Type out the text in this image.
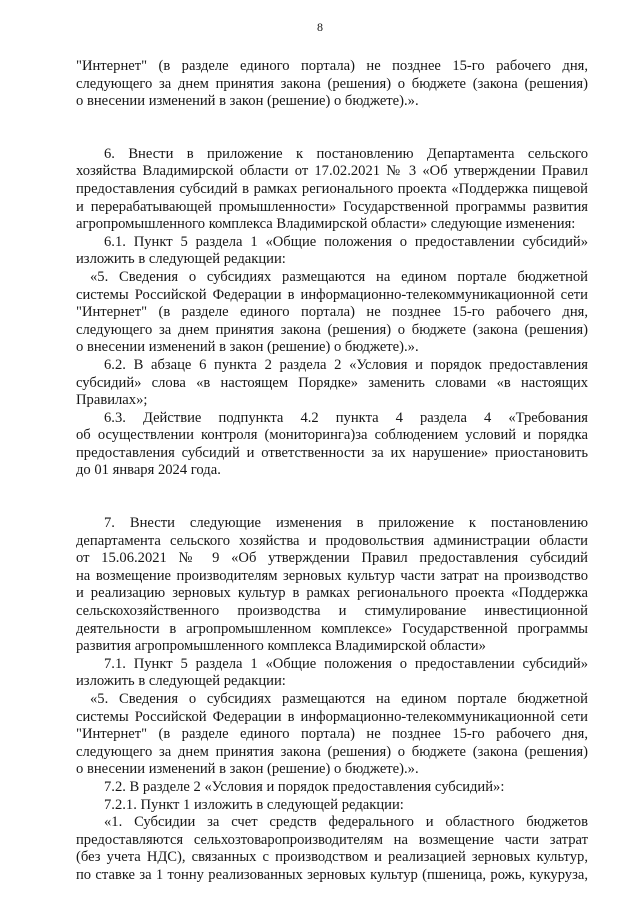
8
"Интернет" (в разделе единого портала) не позднее 15-го рабочего дня,
следующего за днем принятия закона (решения) о бюджете (закона (решения)
о внесении изменений в закон (решение) о бюджете).».
6. Внести в приложение к постановлению Департамента сельского
хозяйства Владимирской области от 17.02.2021 № 3 «Об утверждении Правил
предоставления субсидий в рамках регионального проекта «Поддержка пищевой
и перерабатывающей промышленности» Государственной программы развития
агропромышленного комплекса Владимирской области» следующие изменения:
6.1. Пункт 5 раздела 1 «Общие положения о предоставлении субсидий»
изложить в следующей редакции:
«5. Сведения о субсидиях размещаются на едином портале бюджетной
системы Российской Федерации в информационно-телекоммуникационной сети
"Интернет" (в разделе единого портала) не позднее 15-го рабочего дня,
следующего за днем принятия закона (решения) о бюджете (закона (решения)
о внесении изменений в закон (решение) о бюджете).».
6.2. В абзаце 6 пункта 2 раздела 2 «Условия и порядок предоставления
субсидий» слова «в настоящем Порядке» заменить словами «в настоящих
Правилах»;
6.3. Действие подпункта 4.2 пункта 4 раздела 4 «Требования
об осуществлении контроля (мониторинга)за соблюдением условий и порядка
предоставления субсидий и ответственности за их нарушение» приостановить
до 01 января 2024 года.
7. Внести следующие изменения в приложение к постановлению
департамента сельского хозяйства и продовольствия администрации области
от 15.06.2021 № 9 «Об утверждении Правил предоставления субсидий
на возмещение производителям зерновых культур части затрат на производство
и реализацию зерновых культур в рамках регионального проекта «Поддержка
сельскохозяйственного производства и стимулирование инвестиционной
деятельности в агропромышленном комплексе» Государственной программы
развития агропромышленного комплекса Владимирской области»
7.1. Пункт 5 раздела 1 «Общие положения о предоставлении субсидий»
изложить в следующей редакции:
«5. Сведения о субсидиях размещаются на едином портале бюджетной
системы Российской Федерации в информационно-телекоммуникационной сети
"Интернет" (в разделе единого портала) не позднее 15-го рабочего дня,
следующего за днем принятия закона (решения) о бюджете (закона (решения)
о внесении изменений в закон (решение) о бюджете).».
7.2. В разделе 2 «Условия и порядок предоставления субсидий»:
7.2.1. Пункт 1 изложить в следующей редакции:
«1. Субсидии за счет средств федерального и областного бюджетов
предоставляются сельхозтоваропроизводителям на возмещение части затрат
(без учета НДС), связанных с производством и реализацией зерновых культур,
по ставке за 1 тонну реализованных зерновых культур (пшеница, рожь, кукуруза,
